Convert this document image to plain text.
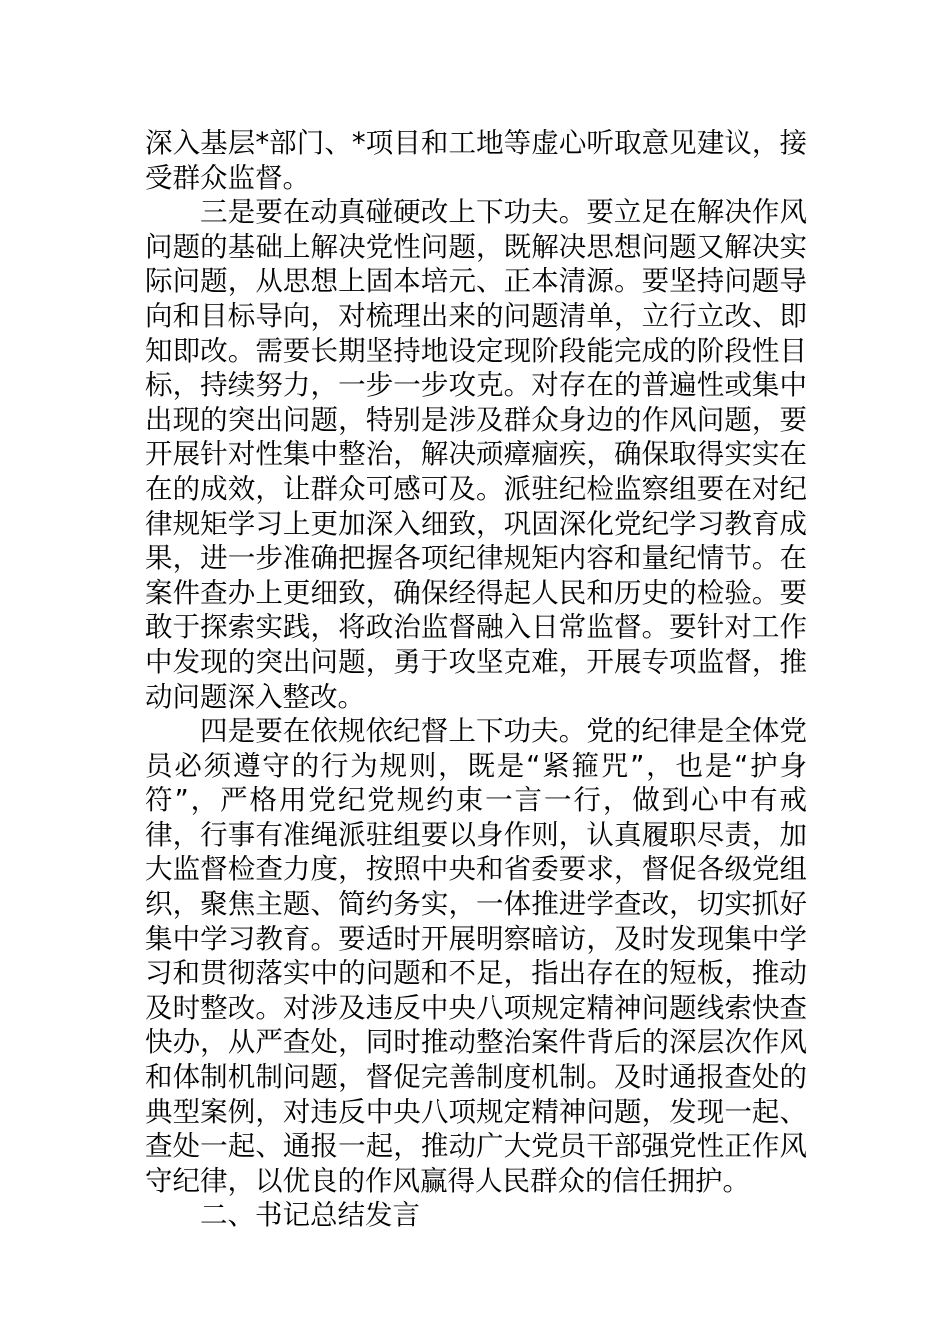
深入基层*部门、*项目和工地等虚心听取意见建议，接受群众监督。

三是要在动真碰硬改上下功夫。要立足在解决作风问题的基础上解决党性问题，既解决思想问题又解决实际问题，从思想上固本培元、正本清源。要坚持问题导向和目标导向，对梳理出来的问题清单，立行立改、即知即改。需要长期坚持地设定现阶段能完成的阶段性目标，持续努力，一步一步攻克。对存在的普遍性或集中出现的突出问题，特别是涉及群众身边的作风问题，要开展针对性集中整治，解决顽瘴痼疾，确保取得实实在在的成效，让群众可感可及。派驻纪检监察组要在对纪律规矩学习上更加深入细致，巩固深化党纪学习教育成果，进一步准确把握各项纪律规矩内容和量纪情节。在案件查办上更细致，确保经得起人民和历史的检验。要敢于探索实践，将政治监督融入日常监督。要针对工作中发现的突出问题，勇于攻坚克难，开展专项监督，推动问题深入整改。

四是要在依规依纪督上下功夫。党的纪律是全体党员必须遵守的行为规则，既是“紧箍咒”，也是“护身符”，严格用党纪党规约束一言一行，做到心中有戒律，行事有准绳派驻组要以身作则，认真履职尽责，加大监督检查力度，按照中央和省委要求，督促各级党组织，聚焦主题、简约务实，一体推进学查改，切实抓好集中学习教育。要适时开展明察暗访，及时发现集中学习和贯彻落实中的问题和不足，指出存在的短板，推动及时整改。对涉及违反中央八项规定精神问题线索快查快办，从严查处，同时推动整治案件背后的深层次作风和体制机制问题，督促完善制度机制。及时通报查处的典型案例，对违反中央八项规定精神问题，发现一起、查处一起、通报一起，推动广大党员干部强党性正作风守纪律，以优良的作风赢得人民群众的信任拥护。

二、书记总结发言
